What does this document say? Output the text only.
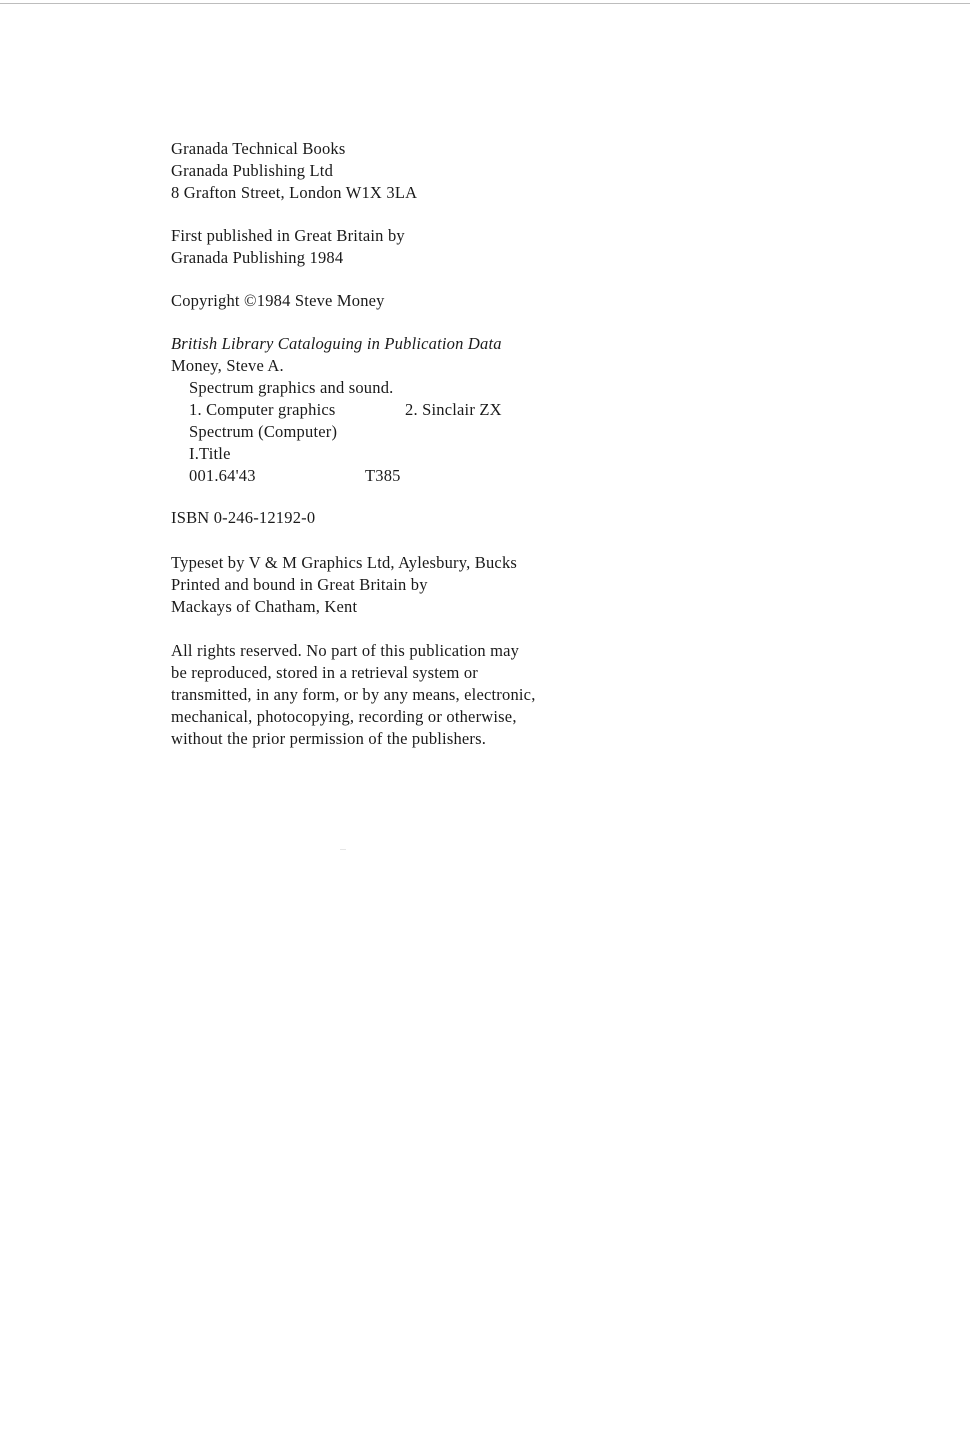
Granada Technical Books
Granada Publishing Ltd
8 Grafton Street, London W1X 3LA
First published in Great Britain by
Granada Publishing 1984
Copyright ©1984 Steve Money
British Library Cataloguing in Publication Data
Money, Steve A.
Spectrum graphics and sound.
1. Computer graphics	2. Sinclair ZX
Spectrum (Computer)
I.Title
001.64'43	T385
ISBN 0-246-12192-0
Typeset by V & M Graphics Ltd, Aylesbury, Bucks
Printed and bound in Great Britain by
Mackays of Chatham, Kent
All rights reserved. No part of this publication may
be reproduced, stored in a retrieval system or
transmitted, in any form, or by any means, electronic,
mechanical, photocopying, recording or otherwise,
without the prior permission of the publishers.
